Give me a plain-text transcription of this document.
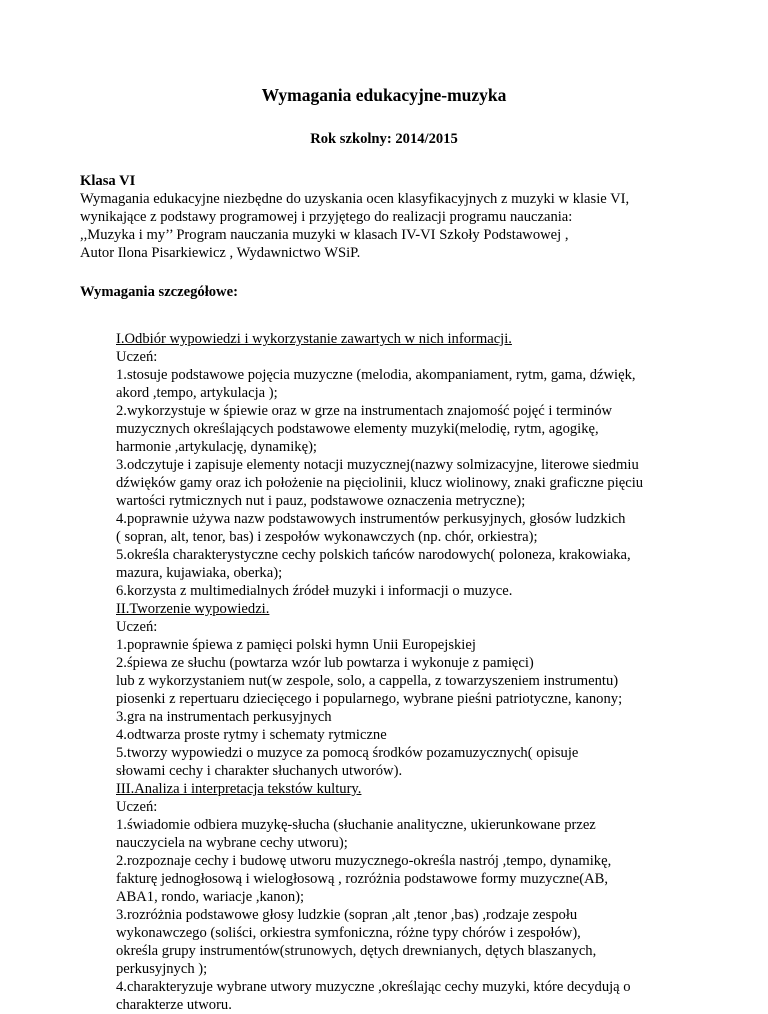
Wymagania edukacyjne-muzyka
Rok szkolny: 2014/2015
Klasa VI
Wymagania edukacyjne niezbędne do uzyskania ocen klasyfikacyjnych z muzyki w klasie VI,
wynikające z podstawy programowej i przyjętego do realizacji programu nauczania:
,,Muzyka i my’’ Program nauczania muzyki w klasach IV-VI Szkoły Podstawowej ,
Autor Ilona Pisarkiewicz , Wydawnictwo WSiP.
Wymagania szczegółowe:
I.Odbiór wypowiedzi i wykorzystanie zawartych w nich informacji.
Uczeń:
1.stosuje podstawowe pojęcia muzyczne (melodia, akompaniament, rytm, gama, dźwięk,
akord ,tempo, artykulacja );
2.wykorzystuje w śpiewie oraz w grze na instrumentach znajomość pojęć i terminów
muzycznych określających podstawowe elementy muzyki(melodię, rytm, agogikę,
harmonie ,artykulację, dynamikę);
3.odczytuje i zapisuje elementy notacji muzycznej(nazwy solmizacyjne, literowe siedmiu
dźwięków gamy oraz ich położenie na pięciolinii, klucz wiolinowy, znaki graficzne pięciu
wartości rytmicznych nut i pauz, podstawowe oznaczenia metryczne);
4.poprawnie używa nazw podstawowych instrumentów perkusyjnych, głosów ludzkich
( sopran, alt, tenor, bas) i zespołów wykonawczych (np. chór, orkiestra);
5.określa charakterystyczne cechy polskich tańców narodowych( poloneza, krakowiaka,
mazura, kujawiaka, oberka);
6.korzysta z multimedialnych źródeł muzyki i informacji o muzyce.
II.Tworzenie wypowiedzi.
Uczeń:
1.poprawnie śpiewa z pamięci polski hymn Unii Europejskiej
2.śpiewa ze słuchu (powtarza wzór lub powtarza i wykonuje z pamięci)
lub z wykorzystaniem nut(w zespole, solo, a cappella, z towarzyszeniem instrumentu)
piosenki z repertuaru dziecięcego i popularnego, wybrane pieśni patriotyczne, kanony;
3.gra na instrumentach perkusyjnych
4.odtwarza proste rytmy i schematy rytmiczne
5.tworzy wypowiedzi o muzyce za pomocą środków pozamuzycznych( opisuje
słowami cechy i charakter słuchanych utworów).
III.Analiza i interpretacja tekstów kultury.
Uczeń:
1.świadomie odbiera muzykę-słucha (słuchanie analityczne, ukierunkowane przez
nauczyciela na wybrane cechy utworu);
2.rozpoznaje cechy i budowę utworu muzycznego-określa nastrój ,tempo, dynamikę,
fakturę jednogłosową i wielogłosową , rozróżnia podstawowe formy muzyczne(AB,
ABA1, rondo, wariacje ,kanon);
3.rozróżnia podstawowe głosy ludzkie (sopran ,alt ,tenor ,bas) ,rodzaje zespołu
wykonawczego (soliści, orkiestra symfoniczna, różne typy chórów i zespołów),
określa grupy instrumentów(strunowych, dętych drewnianych, dętych blaszanych,
perkusyjnych );
4.charakteryzuje wybrane utwory muzyczne ,określając cechy muzyki, które decydują o
charakterze utworu.
